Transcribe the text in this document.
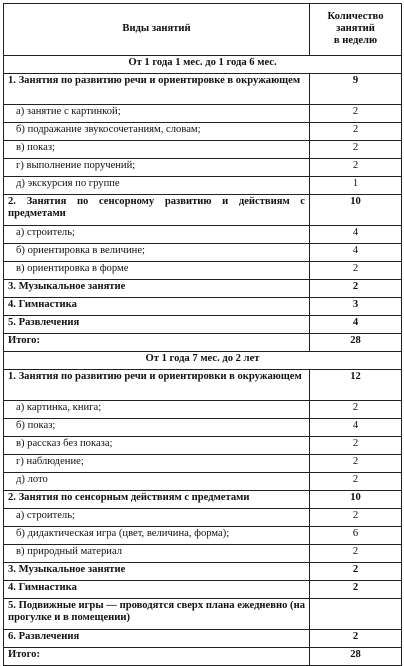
Виды занятий	Количество
занятий
в неделю
От 1 года 1 мес. до 1 года 6 мес.	
1. Занятия по развитию речи и ориентировке в окружающем	9
а) занятие с картинкой;	2
б) подражание звукосочетаниям, словам;	2
в) показ;	2
г) выполнение поручений;	2
д) экскурсия по группе	1
2. Занятия по сенсорному развитию и действиям с предметами	10
а) строитель;	4
б) ориентировка в величине;	4
в) ориентировка в форме	2
3. Музыкальное занятие	2
4. Гимнастика	3
5. Развлечения	4
Итого:	28
От 1 года 7 мес. до 2 лет	
1. Занятия по развитию речи и ориентировки в окружающем	12
а) картинка, книга;	2
б) показ;	4
в) рассказ без показа;	2
г) наблюдение;	2
д) лото	2
2. Занятия по сенсорным действиям с предметами	10
а) строитель;	2
б) дидактическая игра (цвет, величина, форма);	6
в) природный материал	2
3. Музыкальное занятие	2
4. Гимнастика	2
5. Подвижные игры — проводятся сверх плана ежедневно (на прогулке и в помещении)	
6. Развлечения	2
Итого:	28
